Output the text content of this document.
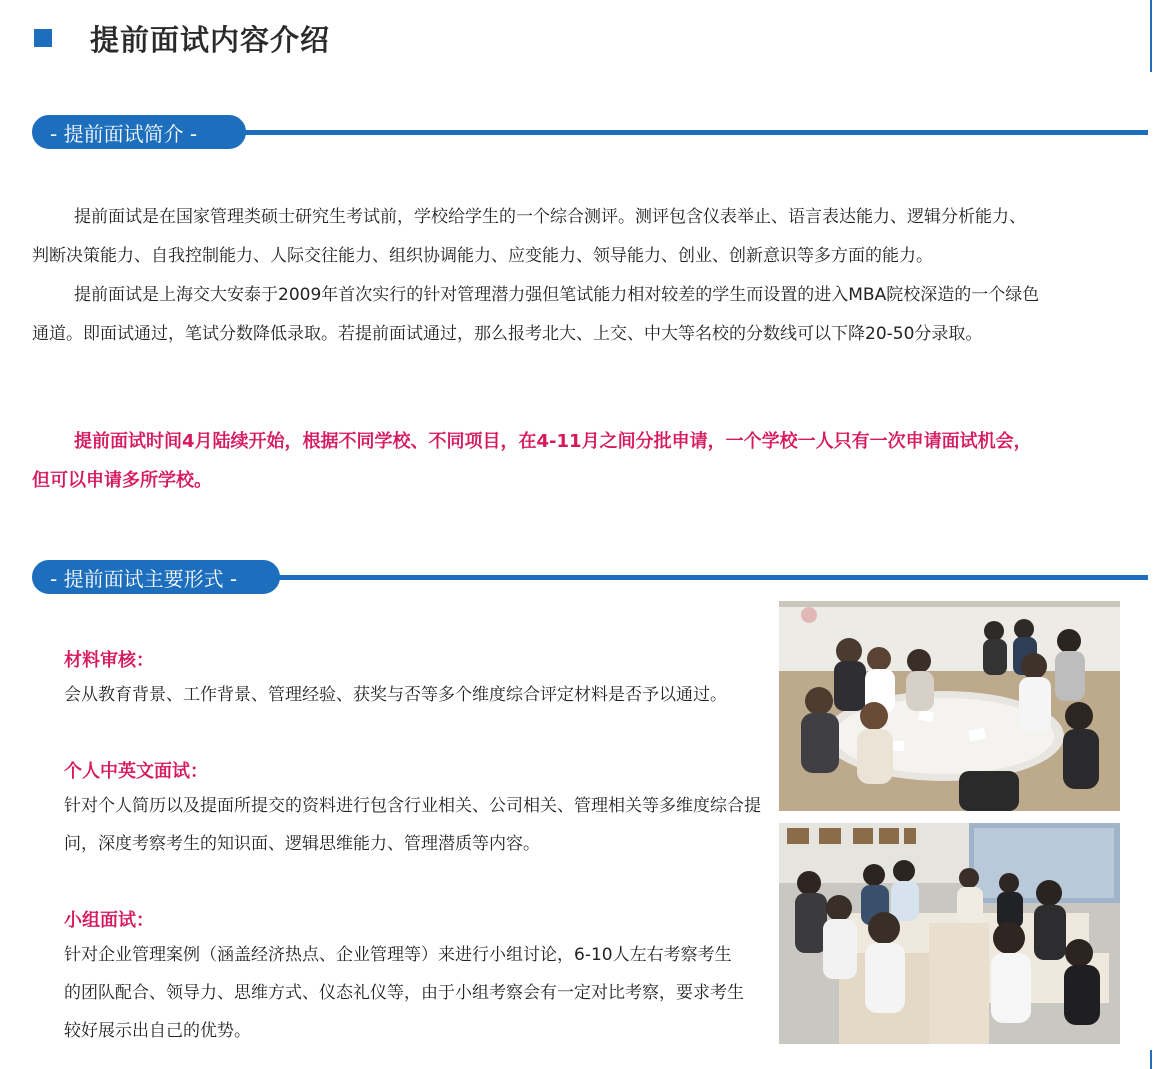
提前面试内容介绍
- 提前面试简介 -

提前面试是在国家管理类硕士研究生考试前，学校给学生的一个综合测评。测评包含仪表举止、语言表达能力、逻辑分析能力、判断决策能力、自我控制能力、人际交往能力、组织协调能力、应变能力、领导能力、创业、创新意识等多方面的能力。

提前面试是上海交大安泰于2009年首次实行的针对管理潜力强但笔试能力相对较差的学生而设置的进入MBA院校深造的一个绿色通道。即面试通过，笔试分数降低录取。若提前面试通过，那么报考北大、上交、中大等名校的分数线可以下降20-50分录取。

提前面试时间4月陆续开始，根据不同学校、不同项目，在4-11月之间分批申请，一个学校一人只有一次申请面试机会，但可以申请多所学校。

- 提前面试主要形式 -

材料审核：

会从教育背景、工作背景、管理经验、获奖与否等多个维度综合评定材料是否予以通过。

个人中英文面试：

针对个人简历以及提面所提交的资料进行包含行业相关、公司相关、管理相关等多维度综合提问，深度考察考生的知识面、逻辑思维能力、管理潜质等内容。

小组面试：

针对企业管理案例（涵盖经济热点、企业管理等）来进行小组讨论，6-10人左右考察考生的团队配合、领导力、思维方式、仪态礼仪等，由于小组考察会有一定对比考察，要求考生较好展示出自己的优势。
